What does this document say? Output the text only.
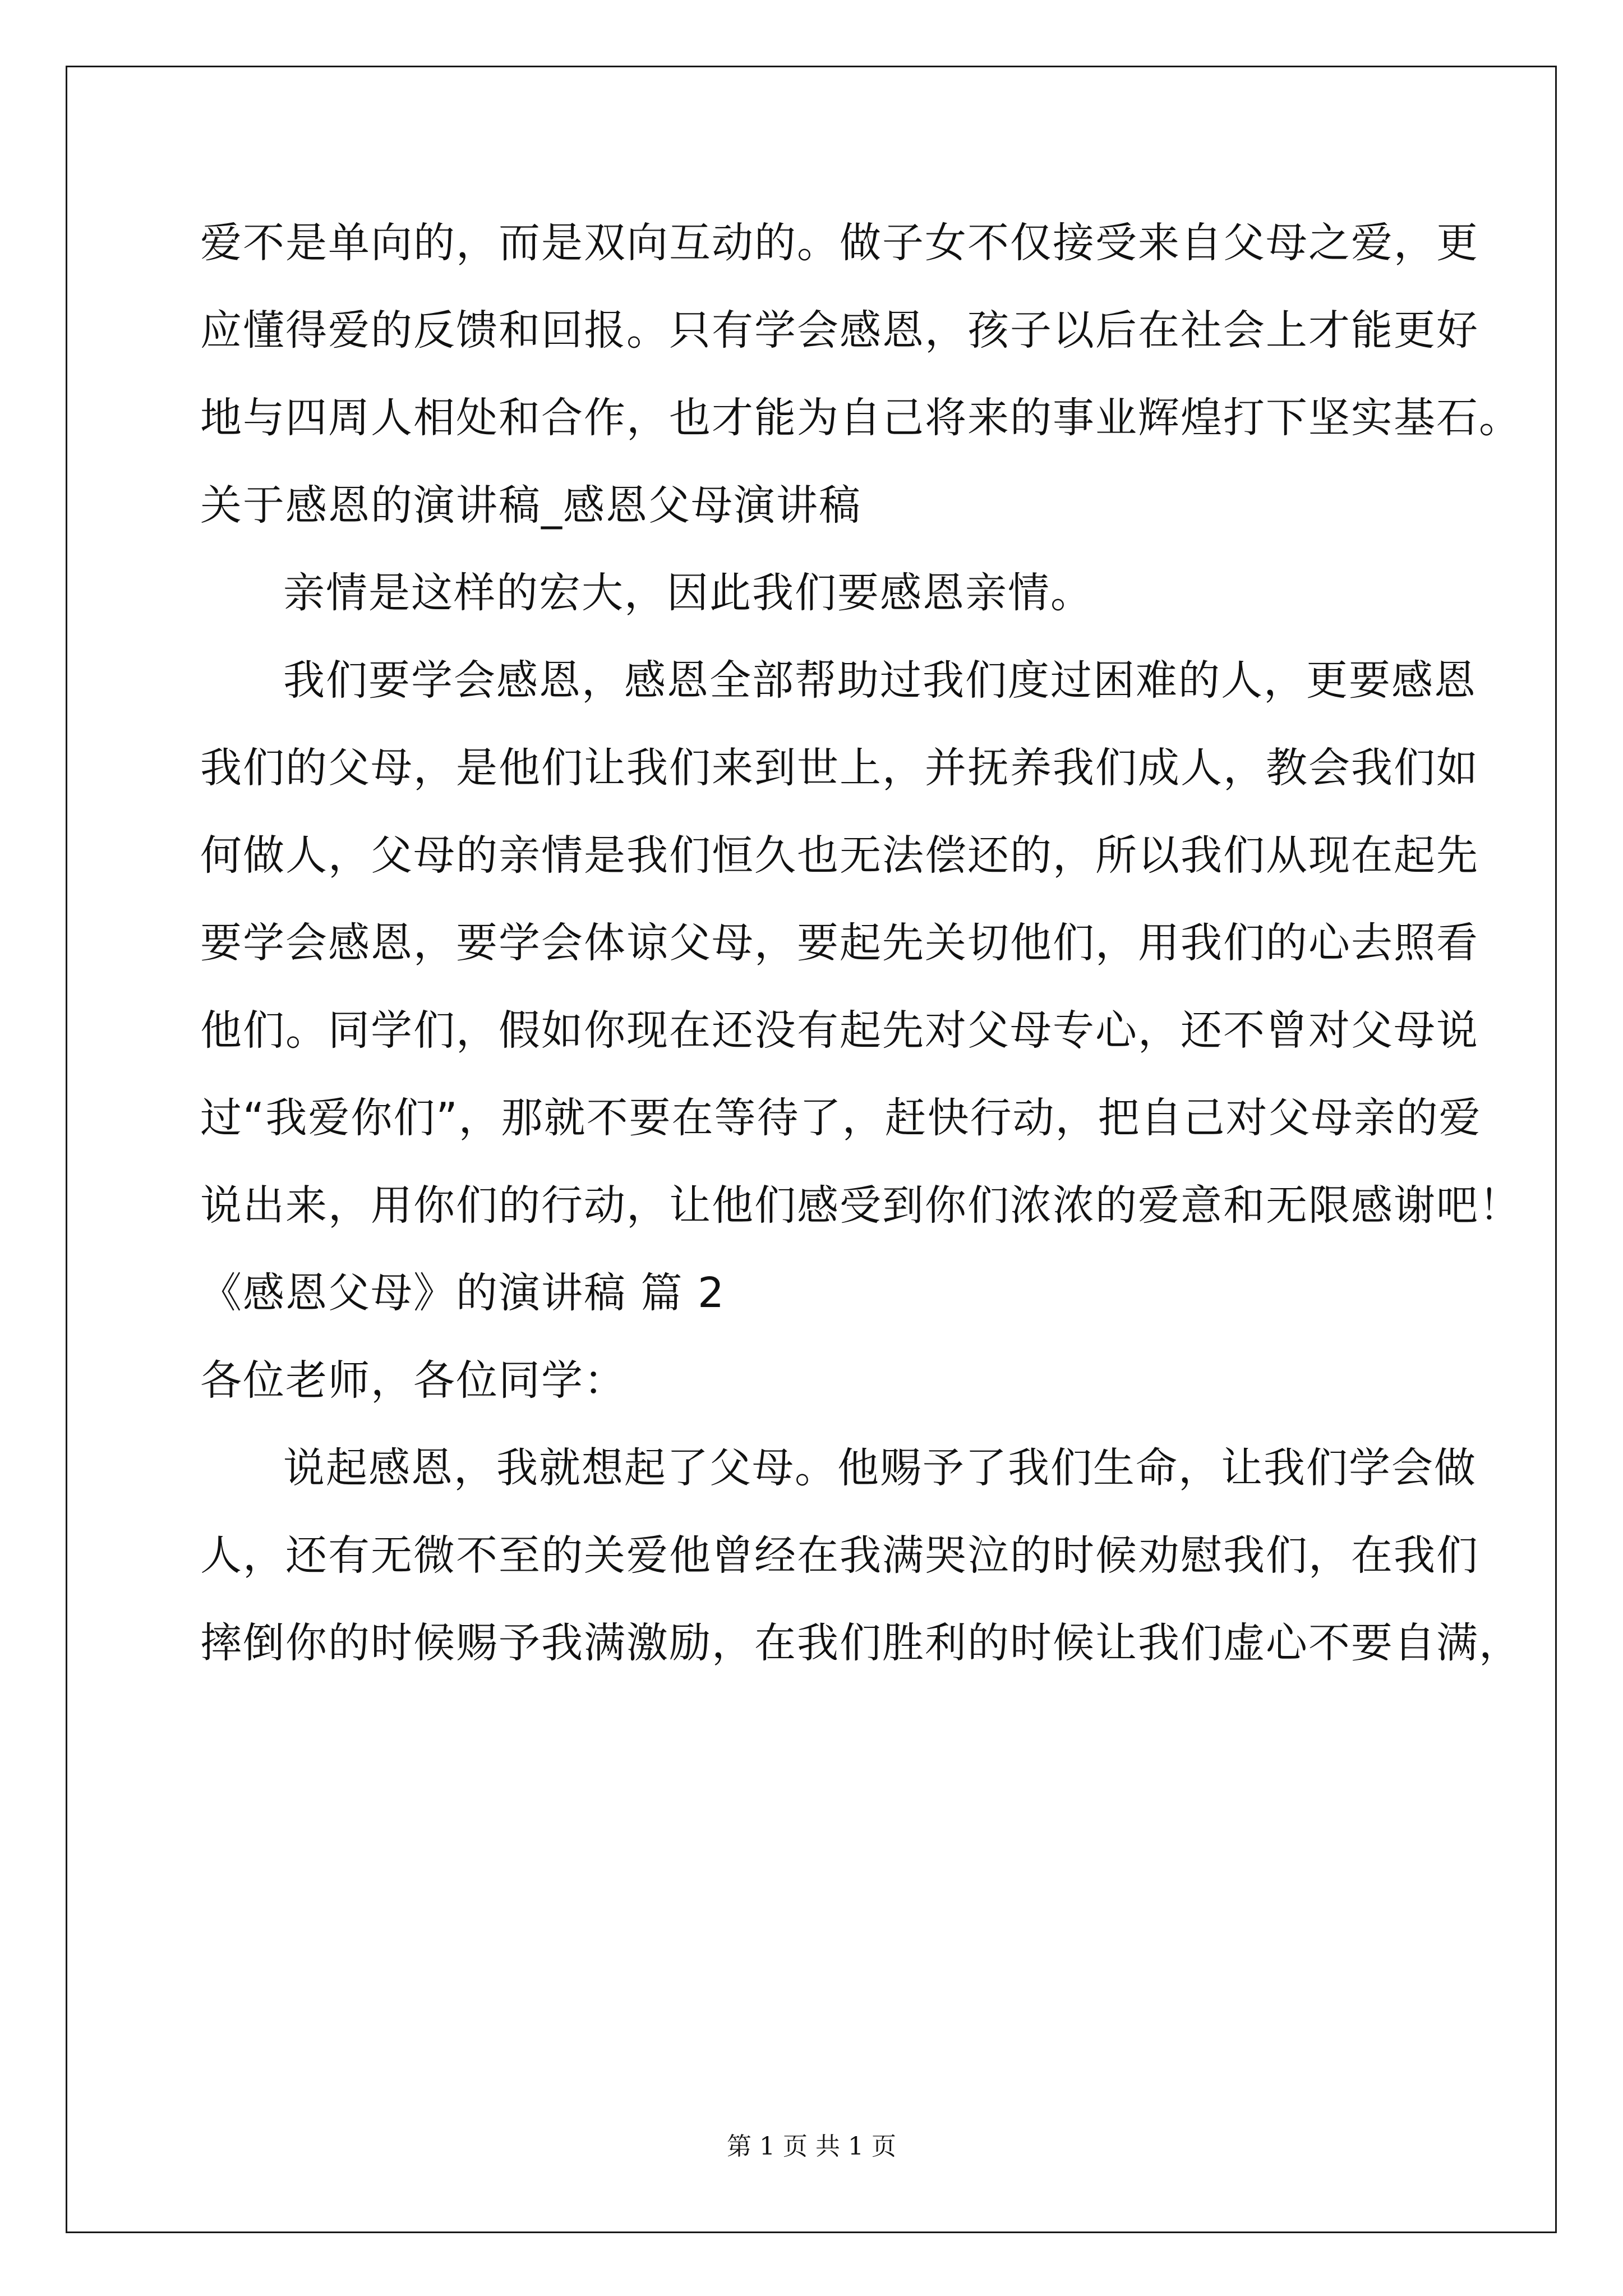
爱不是单向的，而是双向互动的。做子女不仅接受来自父母之爱，更
应懂得爱的反馈和回报。只有学会感恩，孩子以后在社会上才能更好
地与四周人相处和合作，也才能为自己将来的事业辉煌打下坚实基石。
关于感恩的演讲稿_感恩父母演讲稿
亲情是这样的宏大，因此我们要感恩亲情。
我们要学会感恩，感恩全部帮助过我们度过困难的人，更要感恩
我们的父母，是他们让我们来到世上，并抚养我们成人，教会我们如
何做人，父母的亲情是我们恒久也无法偿还的，所以我们从现在起先
要学会感恩，要学会体谅父母，要起先关切他们，用我们的心去照看
他们。同学们，假如你现在还没有起先对父母专心，还不曾对父母说
过“我爱你们”，那就不要在等待了，赶快行动，把自己对父母亲的爱
说出来，用你们的行动，让他们感受到你们浓浓的爱意和无限感谢吧！
《感恩父母》的演讲稿 篇 2
各位老师，各位同学：
说起感恩，我就想起了父母。他赐予了我们生命，让我们学会做
人，还有无微不至的关爱他曾经在我满哭泣的时候劝慰我们，在我们
摔倒你的时候赐予我满激励，在我们胜利的时候让我们虚心不要自满，
第 1 页 共 1 页
